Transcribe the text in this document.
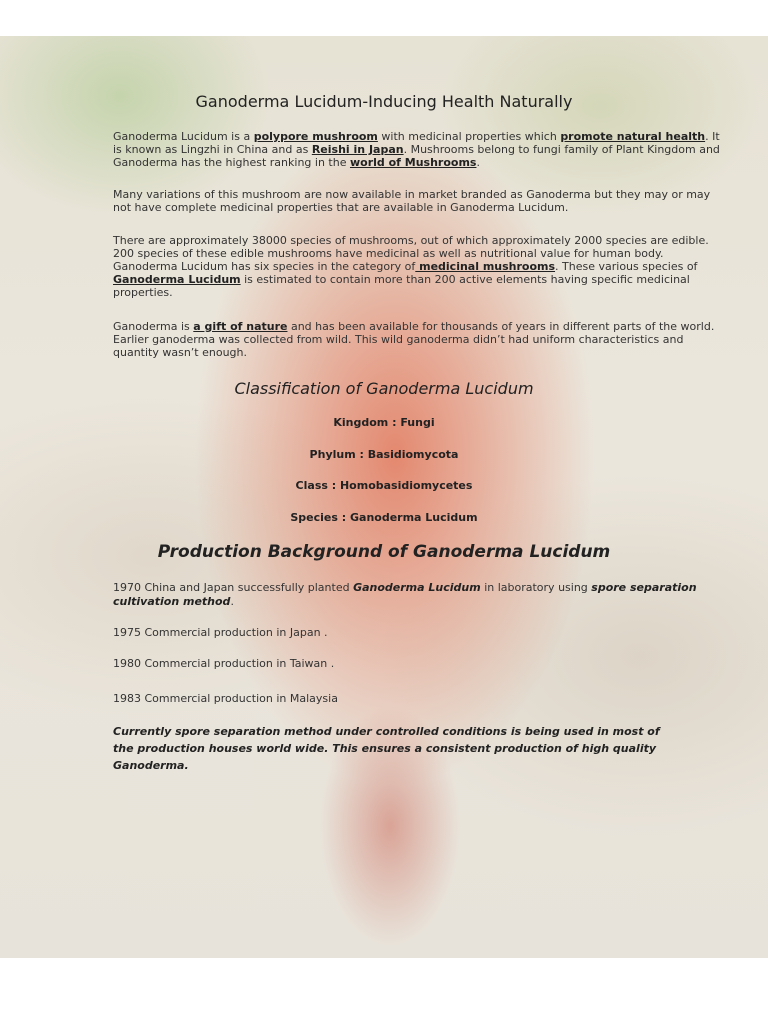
Ganoderma Lucidum-Inducing Health Naturally
Ganoderma Lucidum is a polypore mushroom with medicinal properties which promote natural health. It is known as Lingzhi in China and as Reishi in Japan. Mushrooms belong to fungi family of Plant Kingdom and Ganoderma has the highest ranking in the world of Mushrooms.
Many variations of this mushroom are now available in market branded as Ganoderma but they may or may not have complete medicinal properties that are available in Ganoderma Lucidum.
There are approximately 38000 species of mushrooms, out of which approximately 2000 species are edible. 200 species of these edible mushrooms have medicinal as well as nutritional value for human body. Ganoderma Lucidum has six species in the category of medicinal mushrooms. These various species of Ganoderma Lucidum is estimated to contain more than 200 active elements having specific medicinal properties.
Ganoderma is a gift of nature and has been available for thousands of years in different parts of the world. Earlier ganoderma was collected from wild. This wild ganoderma didn’t had uniform characteristics and quantity wasn’t enough.
Classification of Ganoderma Lucidum
Kingdom : Fungi
Phylum : Basidiomycota
Class : Homobasidiomycetes
Species : Ganoderma Lucidum
Production Background of Ganoderma Lucidum
1970 China and Japan successfully planted Ganoderma Lucidum in laboratory using spore separation cultivation method.
1975 Commercial production in Japan .
1980 Commercial production in Taiwan .
1983 Commercial production in Malaysia
Currently spore separation method under controlled conditions is being used in most of the production houses world wide. This ensures a consistent production of high quality Ganoderma.
